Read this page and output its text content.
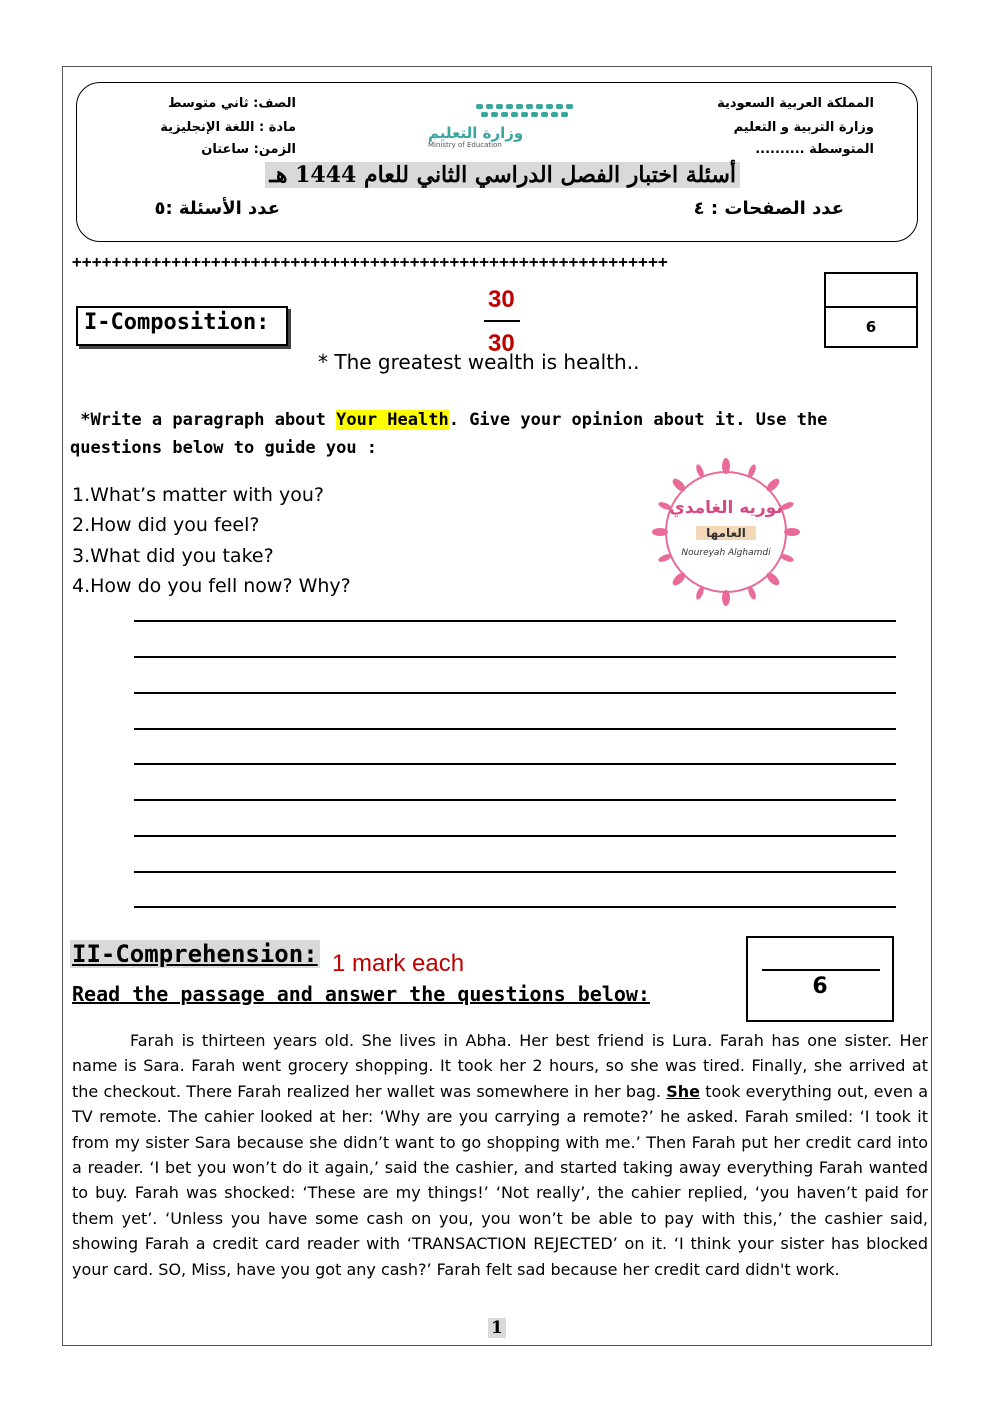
المملكة العربية السعودية
وزارة التربية و التعليم
المتوسطة ..........
الصف: ثاني متوسط
مادة : اللغة الإنجليزية
الزمن: ساعتان
وزارة التعليم
Ministry of Education
أسئلة اختبار الفصل الدراسي الثاني للعام 1444 هـ
عدد الصفحات : ٤
عدد الأسئلة :٥
++++++++++++++++++++++++++++++++++++++++++++++++++++++++++++
I-Composition:
30
30
6
* The greatest wealth is health..
*Write a paragraph about Your Health. Give your opinion about it. Use the questions below to guide you :
1.What’s matter with you?
2.How did you feel?
3.What did you take?
4.How do you fell now? Why?
نوريه الغامدي
العامها
Noureyah Alghamdi
II-Comprehension: 1 mark each
Read the passage and answer the questions below:	6

Farah is thirteen years old. She lives in Abha. Her best friend is Lura. Farah has one sister. Her name is Sara. Farah went grocery shopping. It took her 2 hours, so she was tired. Finally, she arrived at the checkout. There Farah realized her wallet was somewhere in her bag. She took everything out, even a TV remote. The cahier looked at her: ‘Why are you carrying a remote?’ he asked. Farah smiled: ‘I took it from my sister Sara because she didn’t want to go shopping with me.’ Then Farah put her credit card into a reader. ‘I bet you won’t do it again,’ said the cashier, and started taking away everything Farah wanted to buy. Farah was shocked: ‘These are my things!’ ‘Not really’, the cahier replied, ‘you haven’t paid for them yet’. ‘Unless you have some cash on you, you won’t be able to pay with this,’ the cashier said, showing Farah a credit card reader with ‘TRANSACTION REJECTED’ on it. ‘I think your sister has blocked your card. SO, Miss, have you got any cash?’ Farah felt sad because her credit card didn't work.

1
